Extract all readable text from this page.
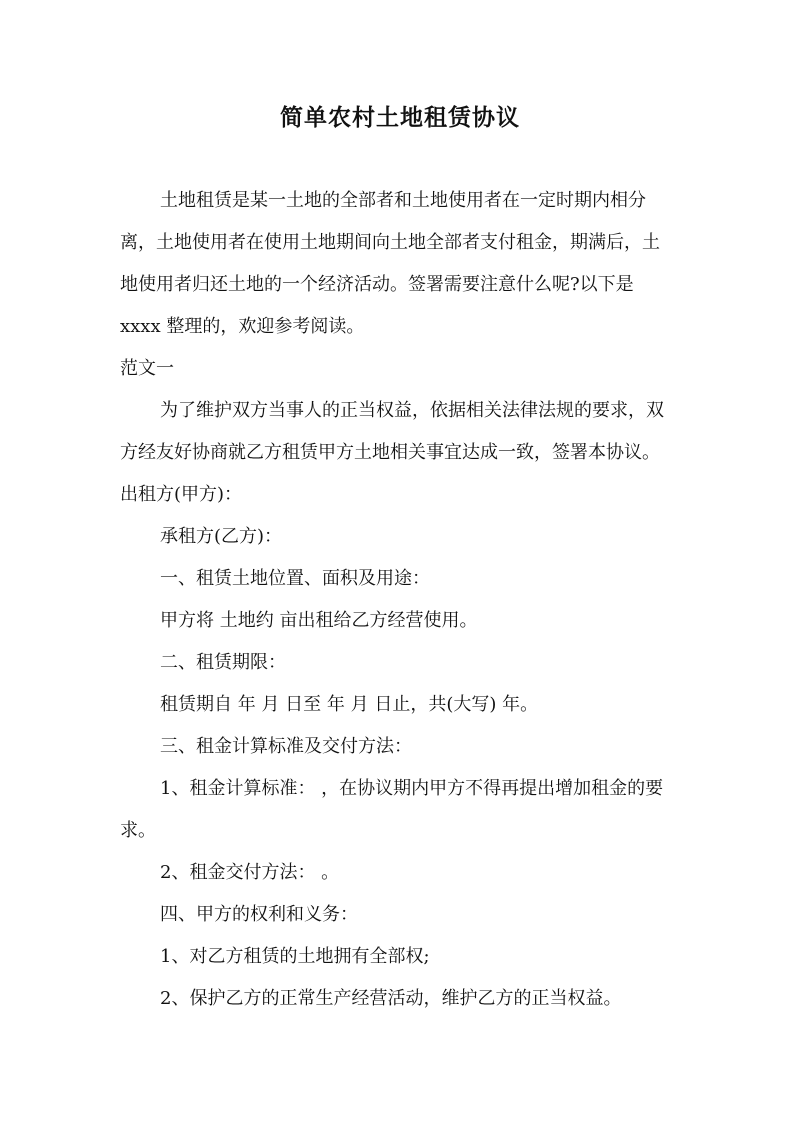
简单农村土地租赁协议

土地租赁是某一土地的全部者和土地使用者在一定时期内相分

离，土地使用者在使用土地期间向土地全部者支付租金，期满后，土

地使用者归还土地的一个经济活动。签署需要注意什么呢?以下是

xxxx 整理的，欢迎参考阅读。

范文一

为了维护双方当事人的正当权益，依据相关法律法规的要求，双

方经友好协商就乙方租赁甲方土地相关事宜达成一致，签署本协议。

出租方(甲方)：

承租方(乙方)：

一、租赁土地位置、面积及用途：

甲方将 土地约 亩出租给乙方经营使用。

二、租赁期限：

租赁期自 年 月 日至 年 月 日止，共(大写) 年。

三、租金计算标准及交付方法：

1、租金计算标准： ，在协议期内甲方不得再提出增加租金的要

求。

2、租金交付方法： 。

四、甲方的权利和义务：

1、对乙方租赁的土地拥有全部权;

2、保护乙方的正常生产经营活动，维护乙方的正当权益。
